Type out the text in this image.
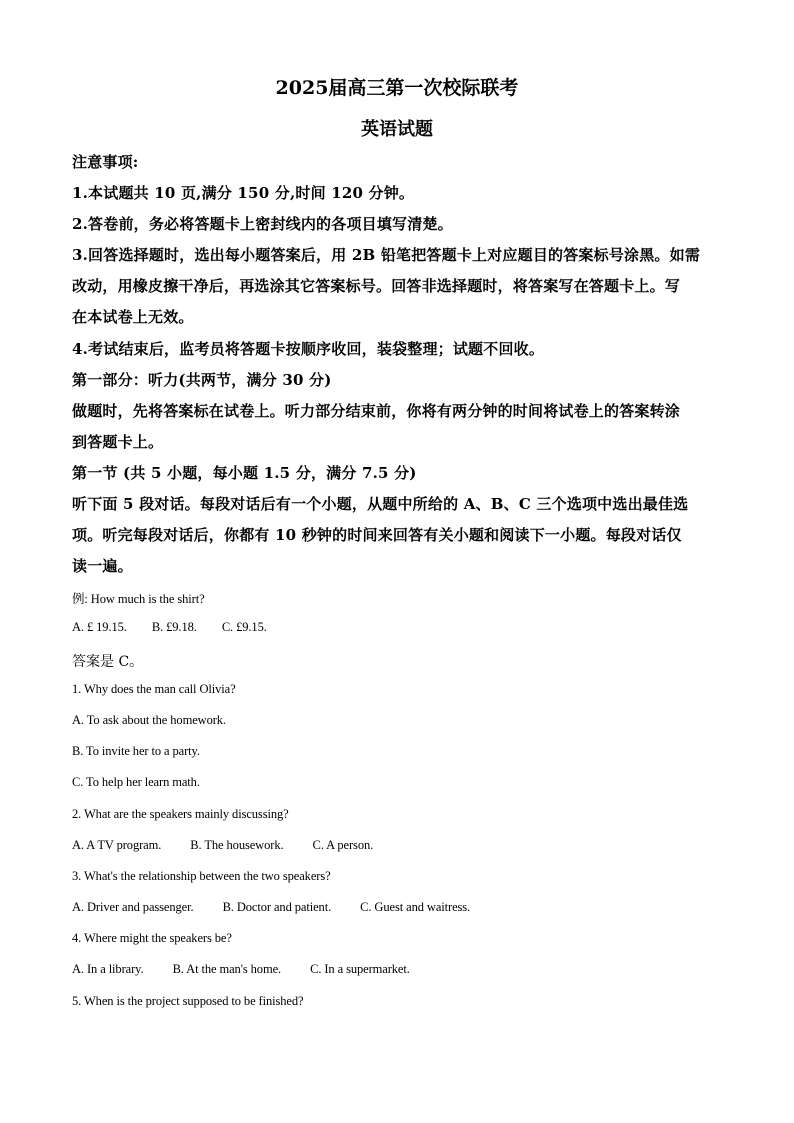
2025届高三第一次校际联考
英语试题
注意事项:
1.本试题共 10 页,满分 150 分,时间 120 分钟。
2.答卷前，务必将答题卡上密封线内的各项目填写清楚。
3.回答选择题时，选出每小题答案后，用 2B 铅笔把答题卡上对应题目的答案标号涂黑。如需
改动，用橡皮擦干净后，再选涂其它答案标号。回答非选择题时，将答案写在答题卡上。写
在本试卷上无效。
4.考试结束后，监考员将答题卡按顺序收回，装袋整理；试题不回收。
第一部分：听力(共两节，满分 30 分)
做题时，先将答案标在试卷上。听力部分结束前，你将有两分钟的时间将试卷上的答案转涂
到答题卡上。
第一节 (共 5 小题，每小题 1.5 分，满分 7.5 分)
听下面 5 段对话。每段对话后有一个小题，从题中所给的 A、B、C 三个选项中选出最佳选
项。听完每段对话后，你都有 10 秒钟的时间来回答有关小题和阅读下一小题。每段对话仅
读一遍。
例: How much is the shirt?
A. £ 19.15. B. £9.18. C. £9.15.
答案是 C。
1. Why does the man call Olivia?
A. To ask about the homework.
B. To invite her to a party.
C. To help her learn math.
2. What are the speakers mainly discussing?
A. A TV program. B. The housework. C. A person.
3. What's the relationship between the two speakers?
A. Driver and passenger. B. Doctor and patient. C. Guest and waitress.
4. Where might the speakers be?
A. In a library. B. At the man's home. C. In a supermarket.
5. When is the project supposed to be finished?
